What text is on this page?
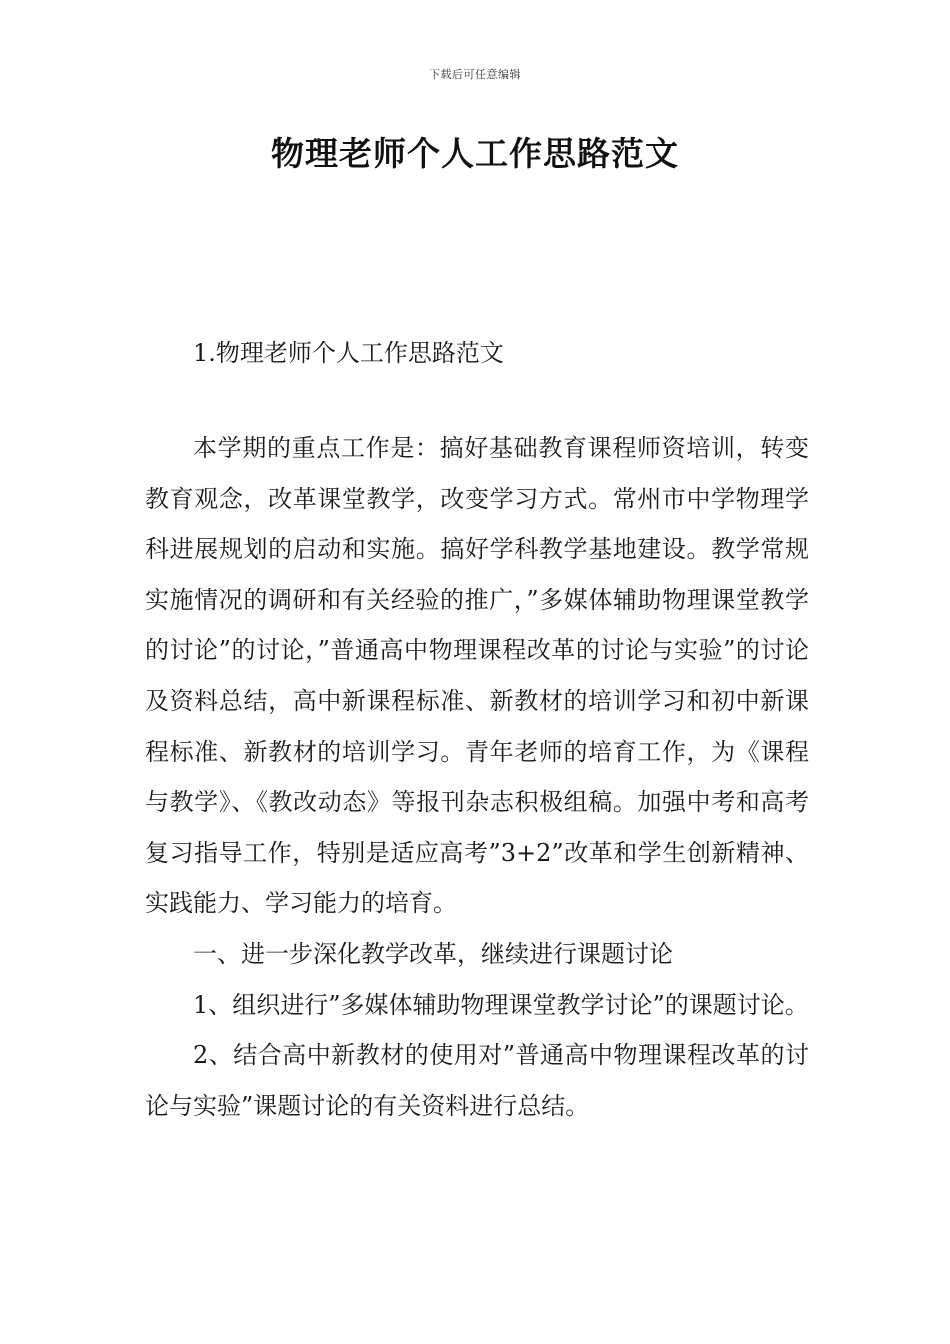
下载后可任意编辑
物理老师个人工作思路范文
1.物理老师个人工作思路范文

本学期的重点工作是：搞好基础教育课程师资培训，转变教育观念，改革课堂教学，改变学习方式。常州市中学物理学科进展规划的启动和实施。搞好学科教学基地建设。教学常规实施情况的调研和有关经验的推广，”多媒体辅助物理课堂教学的讨论”的讨论，”普通高中物理课程改革的讨论与实验”的讨论及资料总结，高中新课程标准、新教材的培训学习和初中新课程标准、新教材的培训学习。青年老师的培育工作，为《课程与教学》、《教改动态》等报刊杂志积极组稿。加强中考和高考复习指导工作，特别是适应高考”3+2”改革和学生创新精神、实践能力、学习能力的培育。

一、进一步深化教学改革，继续进行课题讨论

1、组织进行”多媒体辅助物理课堂教学讨论”的课题讨论。

2、结合高中新教材的使用对”普通高中物理课程改革的讨论与实验”课题讨论的有关资料进行总结。
